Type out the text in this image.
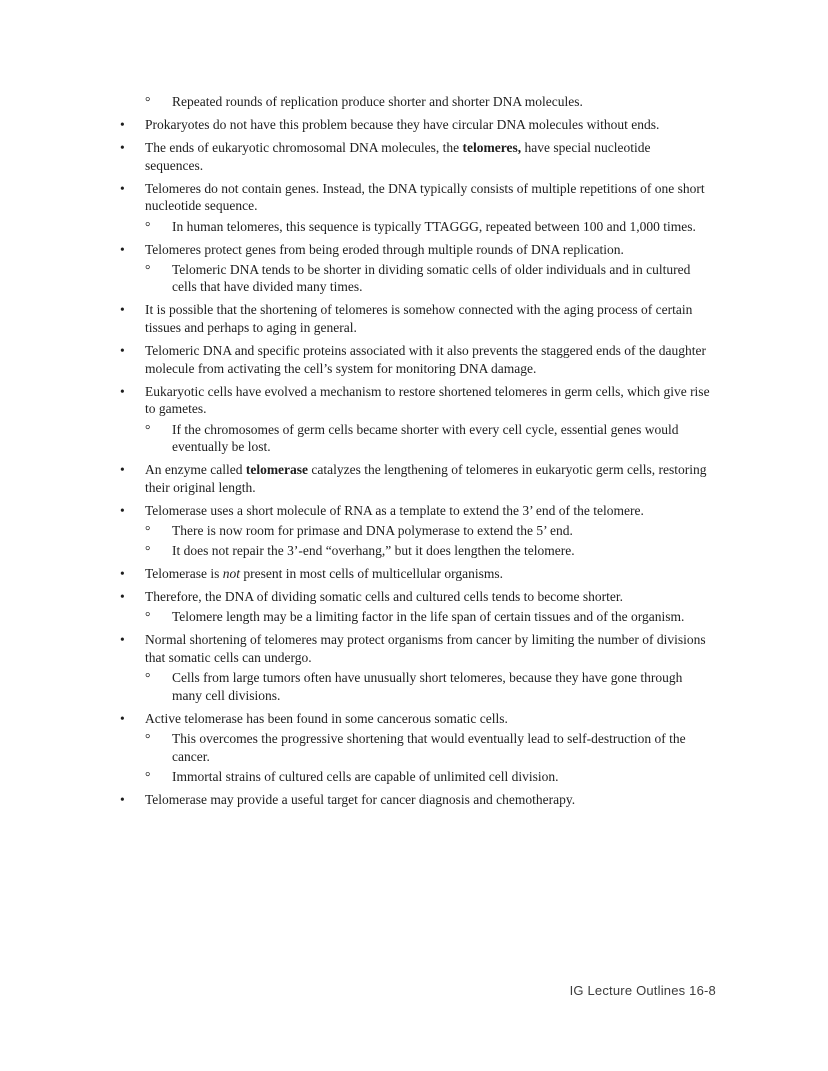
°	Repeated rounds of replication produce shorter and shorter DNA molecules.
•	Prokaryotes do not have this problem because they have circular DNA molecules without ends.
•	The ends of eukaryotic chromosomal DNA molecules, the telomeres, have special nucleotide sequences.
•	Telomeres do not contain genes. Instead, the DNA typically consists of multiple repetitions of one short nucleotide sequence.
°	In human telomeres, this sequence is typically TTAGGG, repeated between 100 and 1,000 times.
•	Telomeres protect genes from being eroded through multiple rounds of DNA replication.
°	Telomeric DNA tends to be shorter in dividing somatic cells of older individuals and in cultured cells that have divided many times.
•	It is possible that the shortening of telomeres is somehow connected with the aging process of certain tissues and perhaps to aging in general.
•	Telomeric DNA and specific proteins associated with it also prevents the staggered ends of the daughter molecule from activating the cell’s system for monitoring DNA damage.
•	Eukaryotic cells have evolved a mechanism to restore shortened telomeres in germ cells, which give rise to gametes.
°	If the chromosomes of germ cells became shorter with every cell cycle, essential genes would eventually be lost.
•	An enzyme called telomerase catalyzes the lengthening of telomeres in eukaryotic germ cells, restoring their original length.
•	Telomerase uses a short molecule of RNA as a template to extend the 3’ end of the telomere.
°	There is now room for primase and DNA polymerase to extend the 5’ end.
°	It does not repair the 3’-end “overhang,” but it does lengthen the telomere.
•	Telomerase is not present in most cells of multicellular organisms.
•	Therefore, the DNA of dividing somatic cells and cultured cells tends to become shorter.
°	Telomere length may be a limiting factor in the life span of certain tissues and of the organism.
•	Normal shortening of telomeres may protect organisms from cancer by limiting the number of divisions that somatic cells can undergo.
°	Cells from large tumors often have unusually short telomeres, because they have gone through many cell divisions.
•	Active telomerase has been found in some cancerous somatic cells.
°	This overcomes the progressive shortening that would eventually lead to self-destruction of the cancer.
°	Immortal strains of cultured cells are capable of unlimited cell division.
•	Telomerase may provide a useful target for cancer diagnosis and chemotherapy.
IG Lecture Outlines 16-8
